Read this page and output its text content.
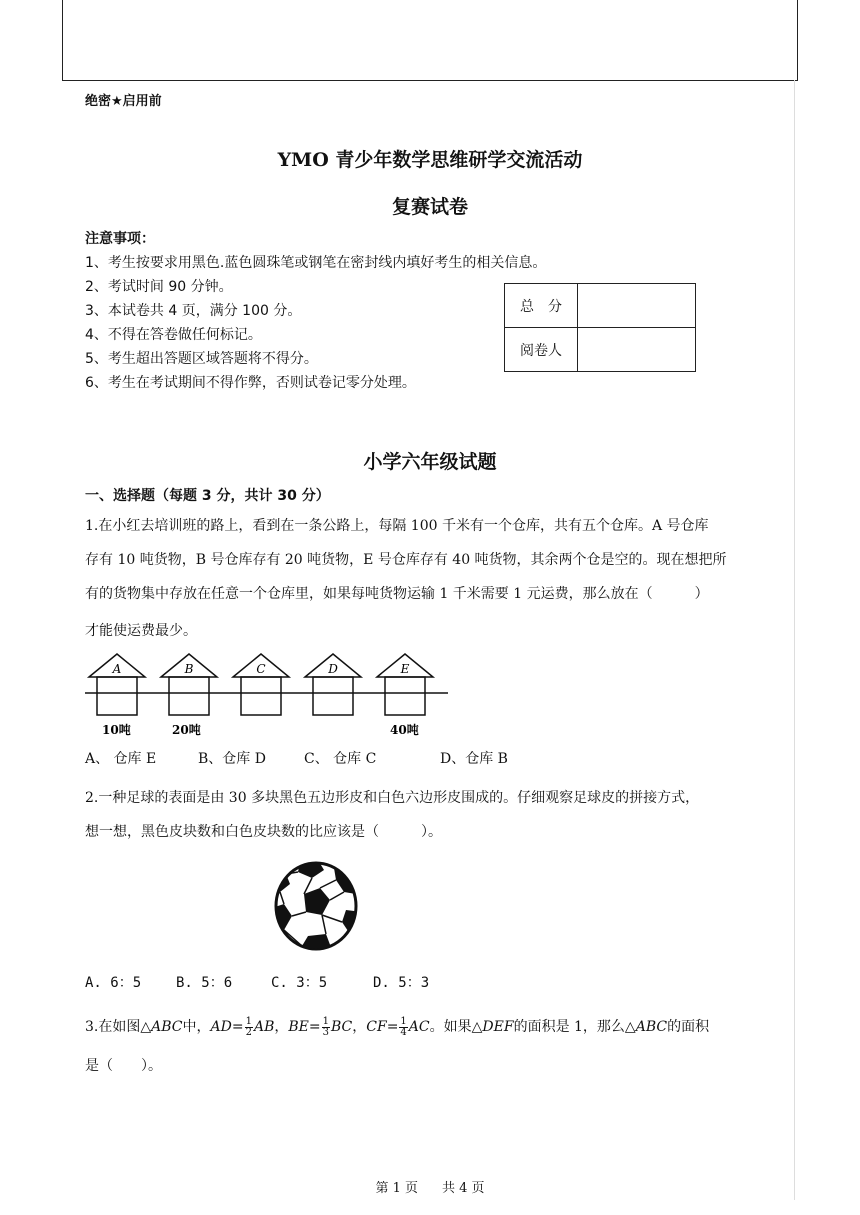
绝密★启用前
YMO 青少年数学思维研学交流活动
复赛试卷
注意事项：
1、考生按要求用黑色.蓝色圆珠笔或钢笔在密封线内填好考生的相关信息。
2、考试时间 90 分钟。
3、本试卷共 4 页，满分 100 分。
4、不得在答卷做任何标记。
5、考生超出答题区域答题将不得分。
6、考生在考试期间不得作弊，否则试卷记零分处理。
总　分	
阅卷人	
小学六年级试题
一、选择题（每题 3 分，共计 30 分）
1.在小红去培训班的路上，看到在一条公路上，每隔 100 千米有一个仓库，共有五个仓库。A 号仓库
存有 10 吨货物，B 号仓库存有 20 吨货物，E 号仓库存有 40 吨货物，其余两个仓是空的。现在想把所
有的货物集中存放在任意一个仓库里，如果每吨货物运输 1 千米需要 1 元运费，那么放在（　　　）
才能使运费最少。
A	B	C	D	E
10吨	20吨	40吨
A、 仓库 E	B、仓库 D	C、 仓库 C	D、仓库 B
2.一种足球的表面是由 30 多块黑色五边形皮和白色六边形皮围成的。仔细观察足球皮的拼接方式，
想一想，黑色皮块数和白色皮块数的比应该是（　　　）。
A. 6：5 B. 5：6	C. 3：5	D. 5：3
3.在如图△ABC中，$AD= \frac{1}{2}$ AB，$BE= \frac{1}{3}$ BC，$CF= \frac{1}{4}$ AC。如果△DEF的面积是 1，那么△ABC的面积
是（　　）。
第 1 页 共 4 页
